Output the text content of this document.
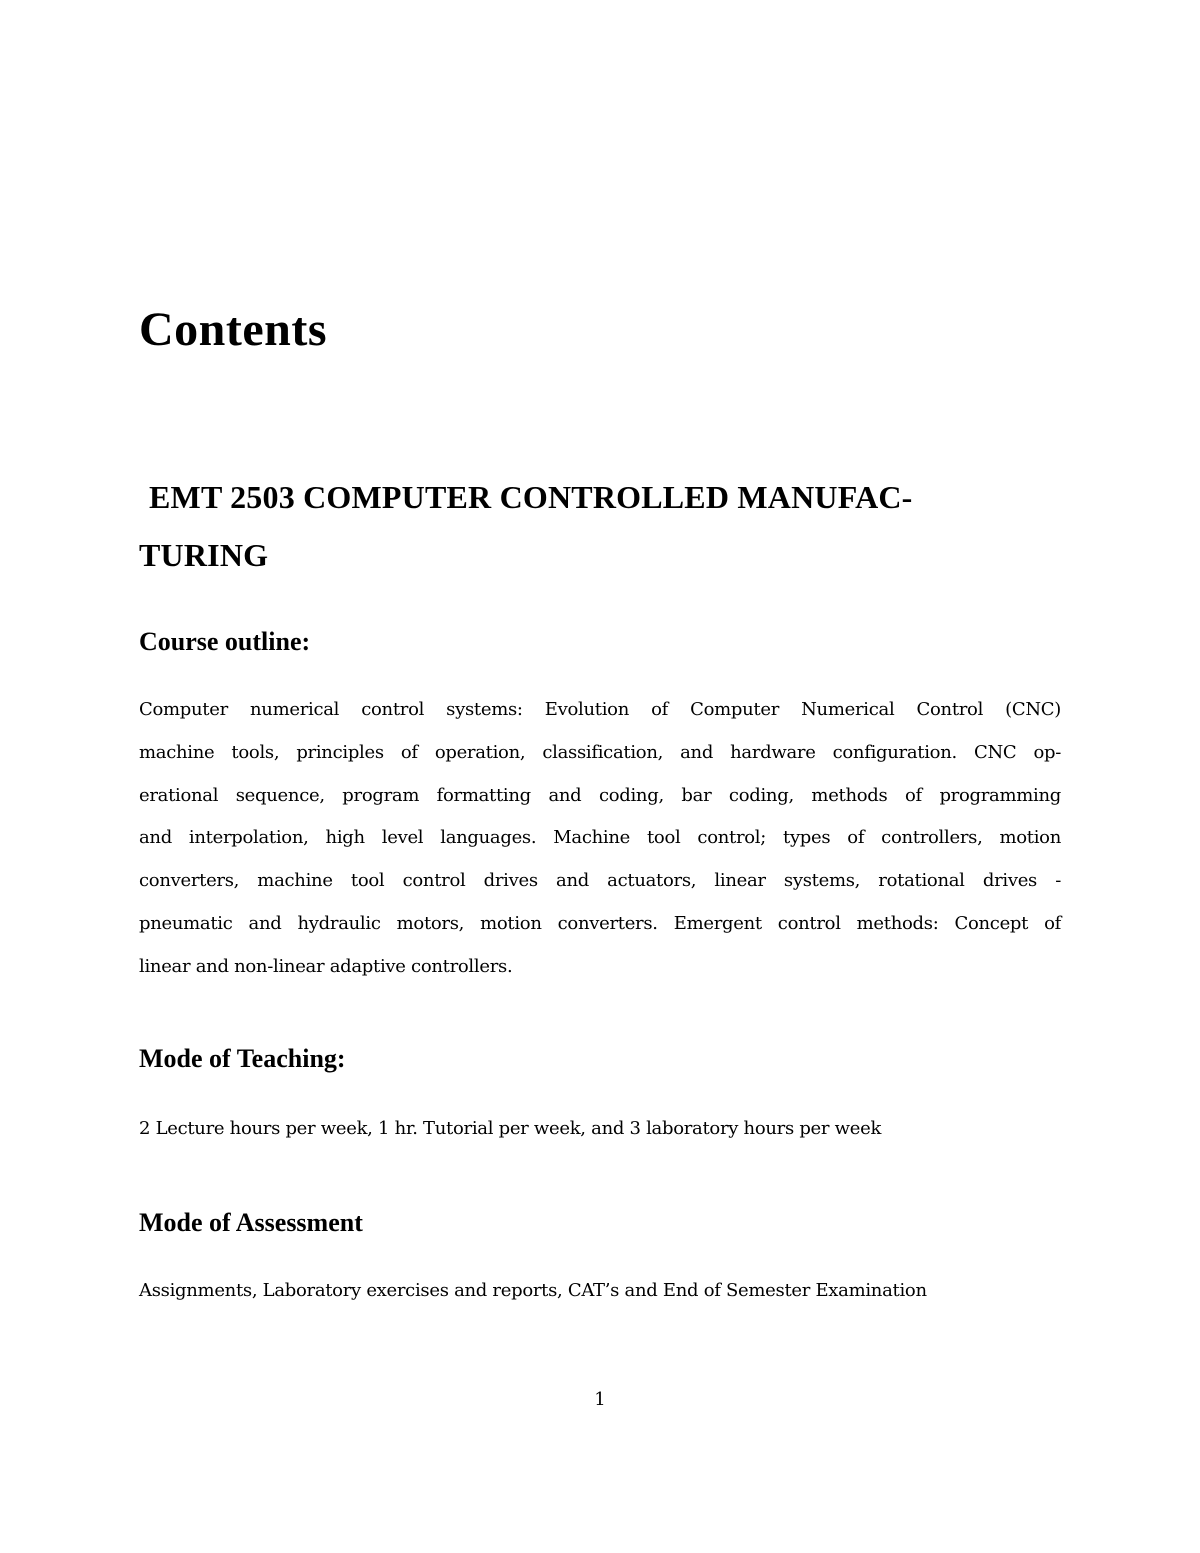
Contents
EMT 2503 COMPUTER CONTROLLED MANUFAC-
TURING
Course outline:
Computer numerical control systems: Evolution of Computer Numerical Control (CNC)
machine tools, principles of operation, classification, and hardware configuration. CNC op-
erational sequence, program formatting and coding, bar coding, methods of programming
and interpolation, high level languages. Machine tool control; types of controllers, motion
converters, machine tool control drives and actuators, linear systems, rotational drives -
pneumatic and hydraulic motors, motion converters. Emergent control methods: Concept of
linear and non-linear adaptive controllers.
Mode of Teaching:
2 Lecture hours per week, 1 hr. Tutorial per week, and 3 laboratory hours per week
Mode of Assessment
Assignments, Laboratory exercises and reports, CAT’s and End of Semester Examination
1
